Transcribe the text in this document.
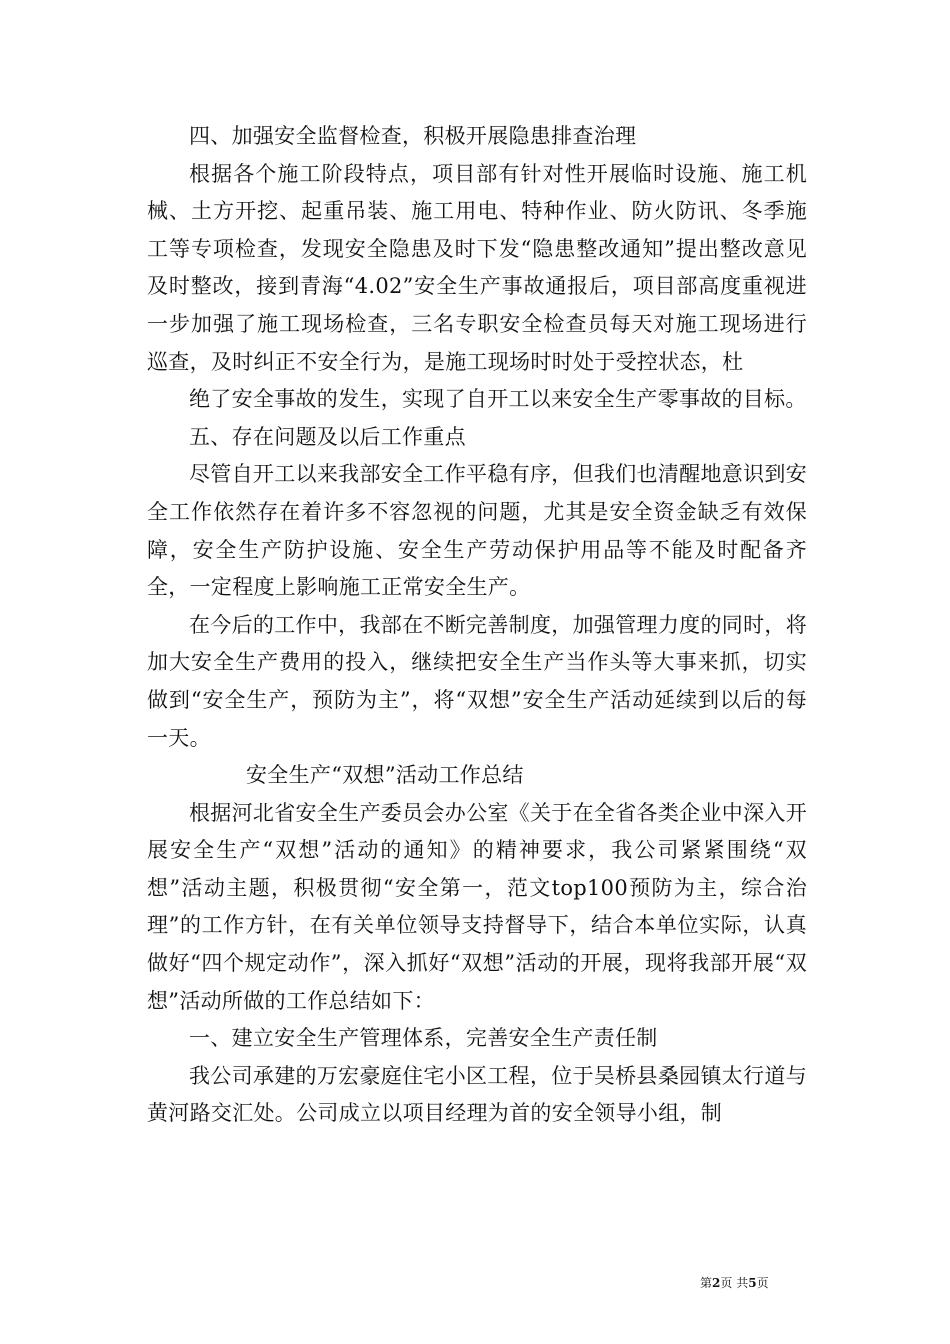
四、加强安全监督检查，积极开展隐患排查治理

根据各个施工阶段特点，项目部有针对性开展临时设施、施工机械、土方开挖、起重吊装、施工用电、特种作业、防火防讯、冬季施工等专项检查，发现安全隐患及时下发“隐患整改通知”提出整改意见及时整改，接到青海“4.02”安全生产事故通报后，项目部高度重视进一步加强了施工现场检查，三名专职安全检查员每天对施工现场进行巡查，及时纠正不安全行为，是施工现场时时处于受控状态，杜

绝了安全事故的发生，实现了自开工以来安全生产零事故的目标。

五、存在问题及以后工作重点

尽管自开工以来我部安全工作平稳有序，但我们也清醒地意识到安全工作依然存在着许多不容忽视的问题，尤其是安全资金缺乏有效保障，安全生产防护设施、安全生产劳动保护用品等不能及时配备齐全，一定程度上影响施工正常安全生产。

在今后的工作中，我部在不断完善制度，加强管理力度的同时，将加大安全生产费用的投入，继续把安全生产当作头等大事来抓，切实做到“安全生产，预防为主”，将“双想”安全生产活动延续到以后的每一天。

安全生产“双想”活动工作总结

根据河北省安全生产委员会办公室《关于在全省各类企业中深入开展安全生产“双想”活动的通知》的精神要求，我公司紧紧围绕“双想”活动主题，积极贯彻“安全第一，范文top100预防为主，综合治理”的工作方针，在有关单位领导支持督导下，结合本单位实际，认真做好“四个规定动作”，深入抓好“双想”活动的开展，现将我部开展“双想”活动所做的工作总结如下：

一、建立安全生产管理体系，完善安全生产责任制

我公司承建的万宏豪庭住宅小区工程，位于吴桥县桑园镇太行道与黄河路交汇处。公司成立以项目经理为首的安全领导小组，制

第2页 共5页
